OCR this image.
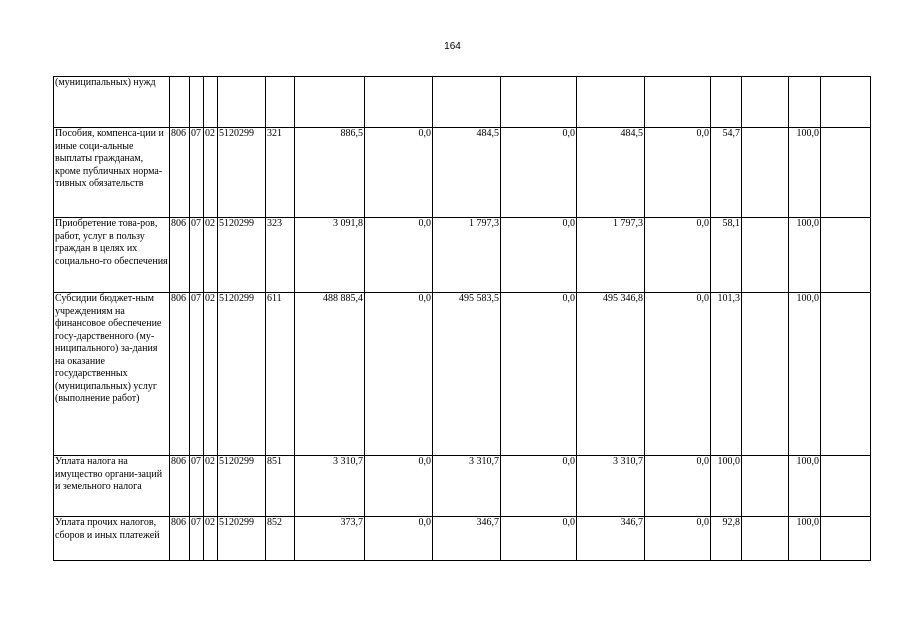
164
(муниципальных) нужд															
Пособия, компенса-ции и иные соци-альные выплаты гражданам, кроме публичных норма-тивных обязательств	806	07	02	5120299	321	886,5	0,0	484,5	0,0	484,5	0,0	54,7		100,0	
Приобретение това-ров, работ, услуг в пользу граждан в целях их социально-го обеспечения	806	07	02	5120299	323	3 091,8	0,0	1 797,3	0,0	1 797,3	0,0	58,1		100,0	
Субсидии бюджет-ным учреждениям на финансовое обеспечение госу-дарственного (му-ниципального) за-дания на оказание государственных (муниципальных) услуг (выполнение работ)	806	07	02	5120299	611	488 885,4	0,0	495 583,5	0,0	495 346,8	0,0	101,3		100,0	
Уплата налога на имущество органи-заций и земельного налога	806	07	02	5120299	851	3 310,7	0,0	3 310,7	0,0	3 310,7	0,0	100,0		100,0	
Уплата прочих налогов, сборов и иных платежей	806	07	02	5120299	852	373,7	0,0	346,7	0,0	346,7	0,0	92,8		100,0	
